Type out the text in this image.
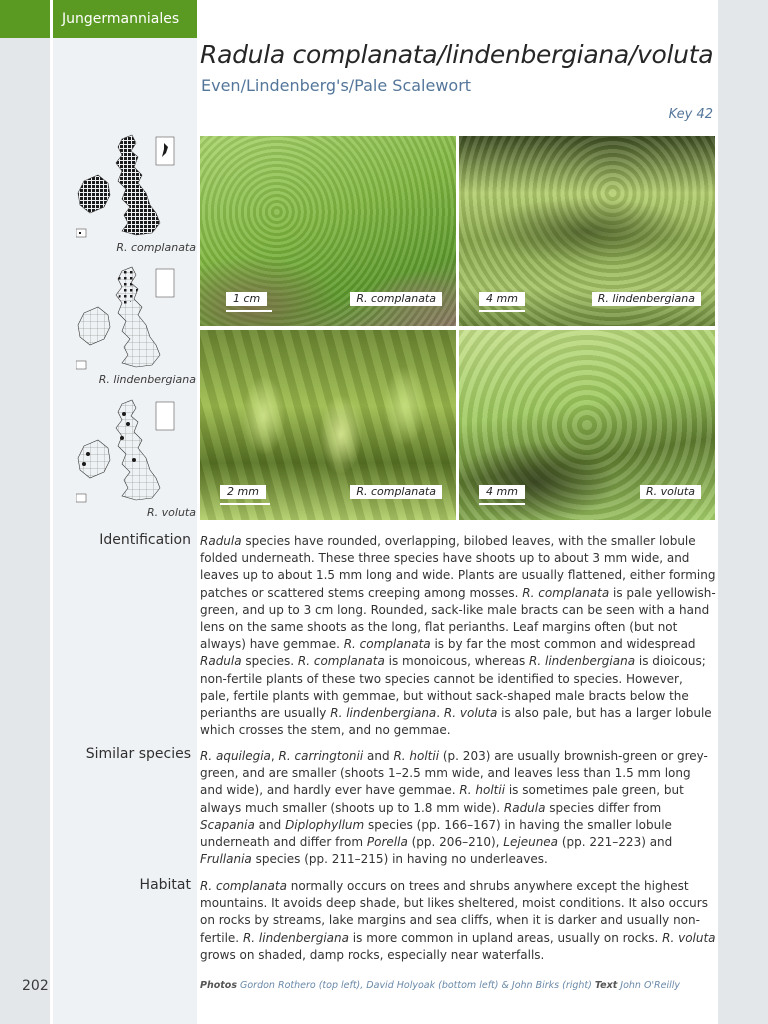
Jungermanniales
Radula complanata/lindenbergiana/voluta
Even/Lindenberg's/Pale Scalewort
Key 42
R. complanata
R. lindenbergiana
R. voluta
1 cm	R. complanata	4 mm	R. lindenbergiana
2 mm	R. complanata	4 mm	R. voluta
Identification Radula species have rounded, overlapping, bilobed leaves, with the smaller lobule folded underneath. These three species have shoots up to about 3 mm wide, and leaves up to about 1.5 mm long and wide. Plants are usually flattened, either forming patches or scattered stems creeping among mosses. R. complanata is pale yellowish-green, and up to 3 cm long. Rounded, sack-like male bracts can be seen with a hand lens on the same shoots as the long, flat perianths. Leaf margins often (but not always) have gemmae. R. complanata is by far the most common and widespread Radula species. R. complanata is monoicous, whereas R. lindenbergiana is dioicous; non-fertile plants of these two species cannot be identified to species. However, pale, fertile plants with gemmae, but without sack-shaped male bracts below the perianths are usually R. lindenbergiana. R. voluta is also pale, but has a larger lobule which crosses the stem, and no gemmae.

Similar species R. aquilegia, R. carringtonii and R. holtii (p. 203) are usually brownish-green or grey-green, and are smaller (shoots 1–2.5 mm wide, and leaves less than 1.5 mm long and wide), and hardly ever have gemmae. R. holtii is sometimes pale green, but always much smaller (shoots up to 1.8 mm wide). Radula species differ from Scapania and Diplophyllum species (pp. 166–167) in having the smaller lobule underneath and differ from Porella (pp. 206–210), Lejeunea (pp. 221–223) and Frullania species (pp. 211–215) in having no underleaves.

Habitat R. complanata normally occurs on trees and shrubs anywhere except the highest mountains. It avoids deep shade, but likes sheltered, moist conditions. It also occurs on rocks by streams, lake margins and sea cliffs, when it is darker and usually non-fertile. R. lindenbergiana is more common in upland areas, usually on rocks. R. voluta grows on shaded, damp rocks, especially near waterfalls.

Photos Gordon Rothero (top left), David Holyoak (bottom left) & John Birks (right) Text John O'Reilly
202
